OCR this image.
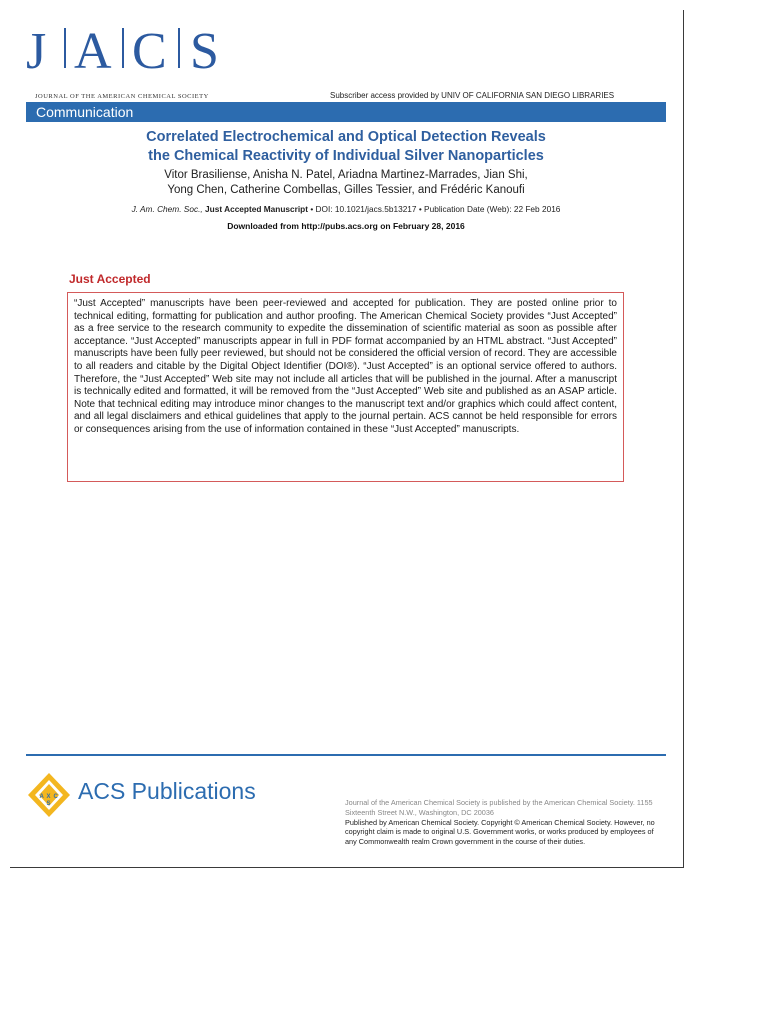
J A C S
JOURNAL OF THE AMERICAN CHEMICAL SOCIETY	Subscriber access provided by UNIV OF CALIFORNIA SAN DIEGO LIBRARIES
Communication
Correlated Electrochemical and Optical Detection Reveals
the Chemical Reactivity of Individual Silver Nanoparticles
Vitor Brasiliense, Anisha N. Patel, Ariadna Martinez-Marrades, Jian Shi,
Yong Chen, Catherine Combellas, Gilles Tessier, and Frédéric Kanoufi
J. Am. Chem. Soc., Just Accepted Manuscript • DOI: 10.1021/jacs.5b13217 • Publication Date (Web): 22 Feb 2016
Downloaded from http://pubs.acs.org on February 28, 2016
Just Accepted

“Just Accepted” manuscripts have been peer-reviewed and accepted for publication. They are posted online prior to technical editing, formatting for publication and author proofing. The American Chemical Society provides “Just Accepted” as a free service to the research community to expedite the dissemination of scientific material as soon as possible after acceptance. “Just Accepted” manuscripts appear in full in PDF format accompanied by an HTML abstract. “Just Accepted” manuscripts have been fully peer reviewed, but should not be considered the official version of record. They are accessible to all readers and citable by the Digital Object Identifier (DOI®). “Just Accepted” is an optional service offered to authors. Therefore, the “Just Accepted” Web site may not include all articles that will be published in the journal. After a manuscript is technically edited and formatted, it will be removed from the “Just Accepted” Web site and published as an ASAP article. Note that technical editing may introduce minor changes to the manuscript text and/or graphics which could affect content, and all legal disclaimers and ethical guidelines that apply to the journal pertain. ACS cannot be held responsible for errors or consequences arising from the use of information contained in these “Just Accepted” manuscripts.

A X C
S ACS Publications	Journal of the American Chemical Society is published by the American Chemical Society. 1155 Sixteenth Street N.W., Washington, DC 20036
Published by American Chemical Society. Copyright © American Chemical Society. However, no copyright claim is made to original U.S. Government works, or works produced by employees of any Commonwealth realm Crown government in the course of their duties.
